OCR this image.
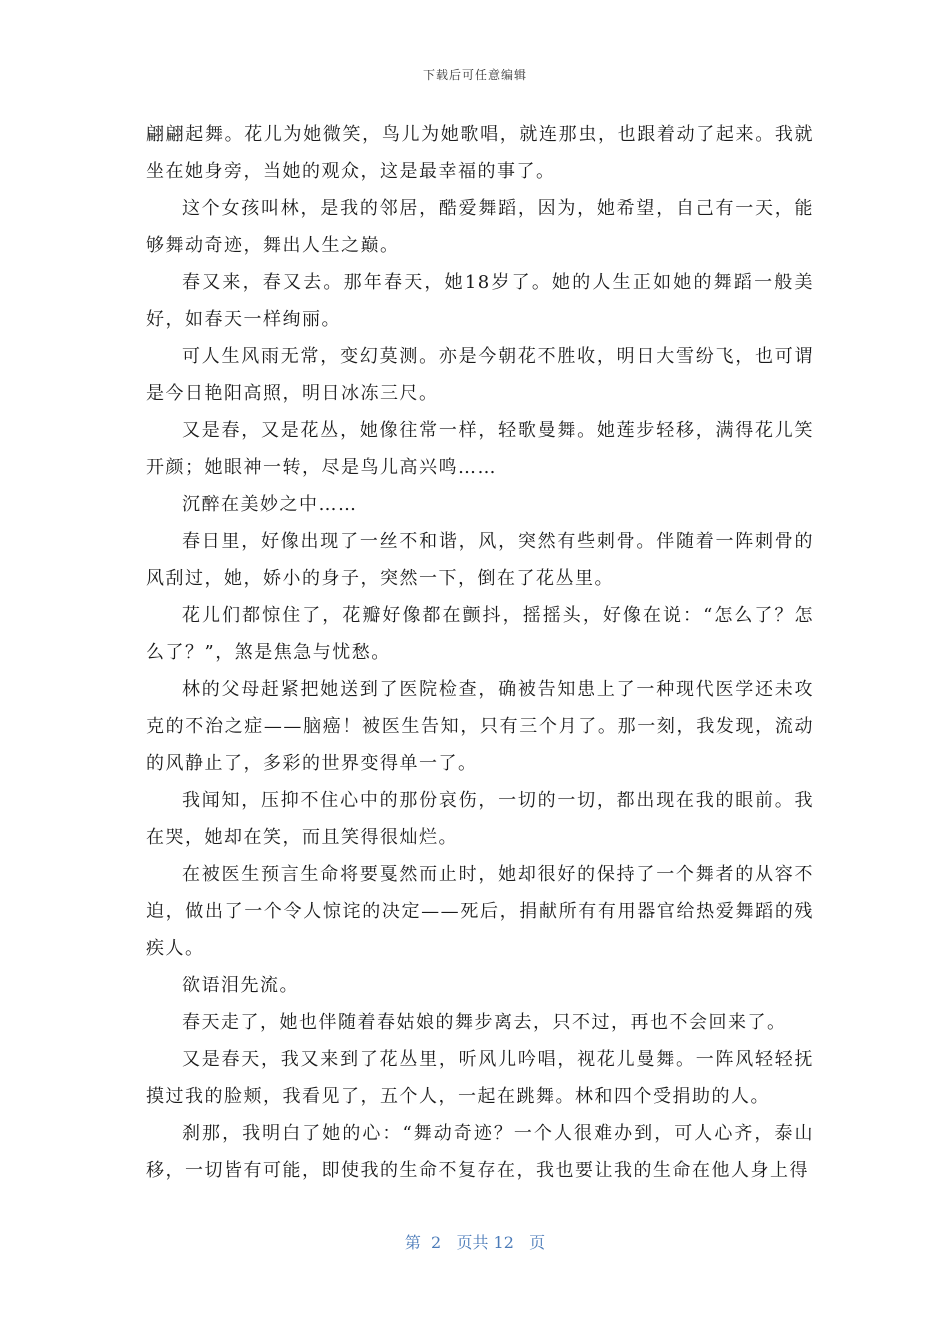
下载后可任意编辑

翩翩起舞。花儿为她微笑，鸟儿为她歌唱，就连那虫，也跟着动了起来。我就坐在她身旁，当她的观众，这是最幸福的事了。

这个女孩叫林，是我的邻居，酷爱舞蹈，因为，她希望，自己有一天，能够舞动奇迹，舞出人生之巅。

春又来，春又去。那年春天，她18岁了。她的人生正如她的舞蹈一般美好，如春天一样绚丽。

可人生风雨无常，变幻莫测。亦是今朝花不胜收，明日大雪纷飞，也可谓是今日艳阳高照，明日冰冻三尺。

又是春，又是花丛，她像往常一样，轻歌曼舞。她莲步轻移，满得花儿笑开颜；她眼神一转，尽是鸟儿高兴鸣……

沉醉在美妙之中……

春日里，好像出现了一丝不和谐，风，突然有些刺骨。伴随着一阵刺骨的风刮过，她，娇小的身子，突然一下，倒在了花丛里。

花儿们都惊住了，花瓣好像都在颤抖，摇摇头，好像在说：“怎么了？怎么了？”，煞是焦急与忧愁。

林的父母赶紧把她送到了医院检查，确被告知患上了一种现代医学还未攻克的不治之症——脑癌！被医生告知，只有三个月了。那一刻，我发现，流动的风静止了，多彩的世界变得单一了。

我闻知，压抑不住心中的那份哀伤，一切的一切，都出现在我的眼前。我在哭，她却在笑，而且笑得很灿烂。

在被医生预言生命将要戛然而止时，她却很好的保持了一个舞者的从容不迫，做出了一个令人惊诧的决定——死后，捐献所有有用器官给热爱舞蹈的残疾人。

欲语泪先流。

春天走了，她也伴随着春姑娘的舞步离去，只不过，再也不会回来了。

又是春天，我又来到了花丛里，听风儿吟唱，视花儿曼舞。一阵风轻轻抚摸过我的脸颊，我看见了，五个人，一起在跳舞。林和四个受捐助的人。

刹那，我明白了她的心：“舞动奇迹？一个人很难办到，可人心齐，泰山移，一切皆有可能，即使我的生命不复存在，我也要让我的生命在他人身上得

第  2   页共 12   页
